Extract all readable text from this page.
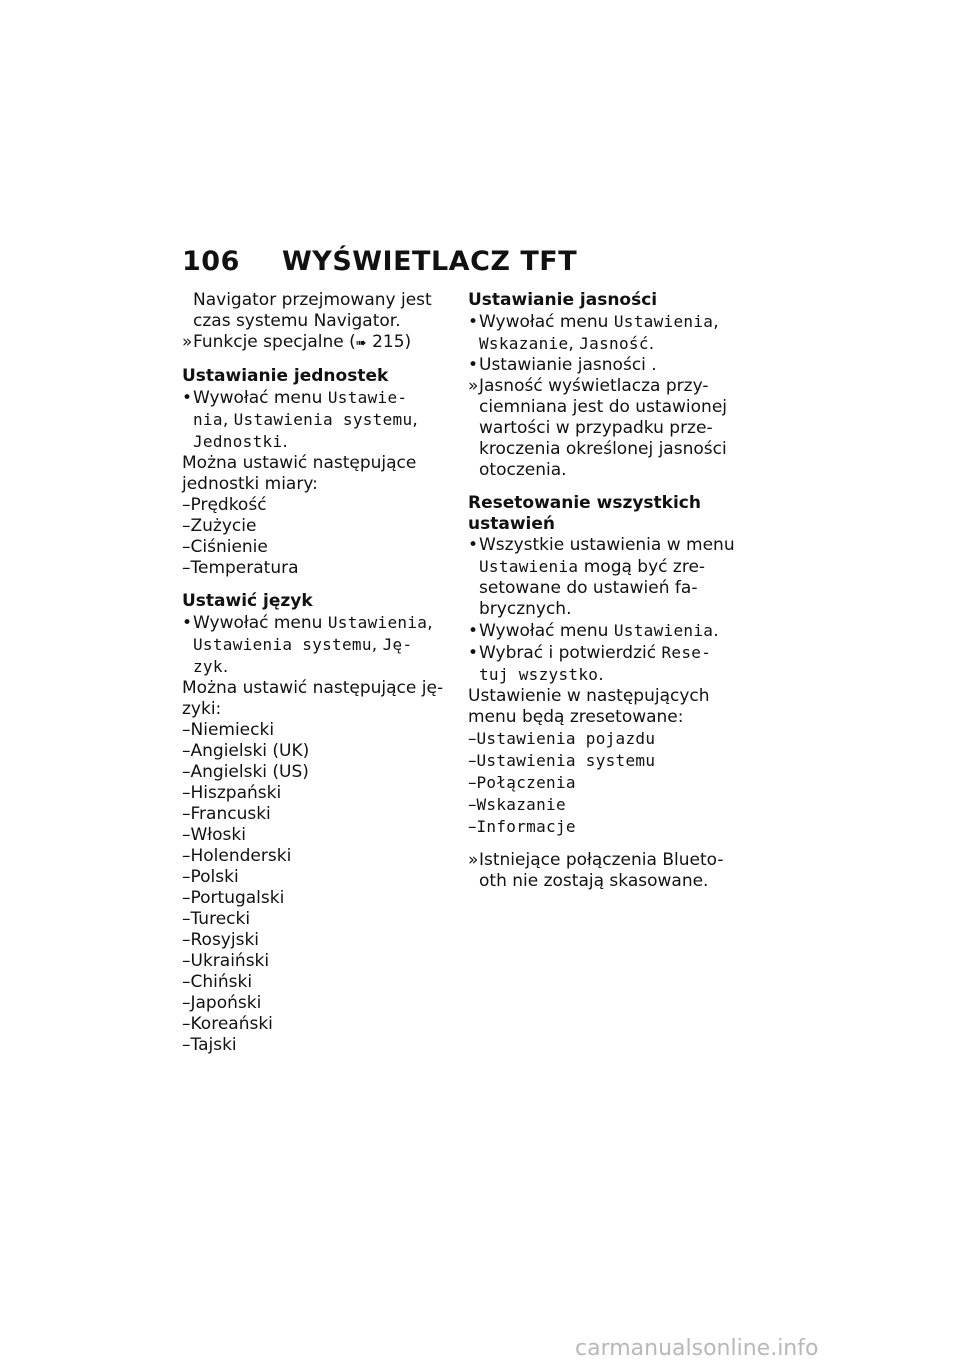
106 WYŚWIETLACZ TFT
Navigator przejmowany jest
czas systemu Navigator.
»Funkcje specjalne (➠ 215)
Ustawianie jednostek
•Wywołać menu Ustawie-
nia, Ustawienia systemu,
Jednostki.
Można ustawić następujące
jednostki miary:
–Prędkość
–Zużycie
–Ciśnienie
–Temperatura
Ustawić język
•Wywołać menu Ustawienia,
Ustawienia systemu, Ję-
zyk.
Można ustawić następujące ję-
zyki:
–Niemiecki
–Angielski (UK)
–Angielski (US)
–Hiszpański
–Francuski
–Włoski
–Holenderski
–Polski
–Portugalski
–Turecki
–Rosyjski
–Ukraiński
–Chiński
–Japoński
–Koreański
–Tajski
Ustawianie jasności
•Wywołać menu Ustawienia,
Wskazanie, Jasność.
•Ustawianie jasności .
»Jasność wyświetlacza przy-
ciemniana jest do ustawionej
wartości w przypadku prze-
kroczenia określonej jasności
otoczenia.
Resetowanie wszystkich
ustawień
•Wszystkie ustawienia w menu
Ustawienia mogą być zre-
setowane do ustawień fa-
brycznych.
•Wywołać menu Ustawienia.
•Wybrać i potwierdzić Rese-
tuj wszystko.
Ustawienie w następujących
menu będą zresetowane:
–Ustawienia pojazdu
–Ustawienia systemu
–Połączenia
–Wskazanie
–Informacje
»Istniejące połączenia Blueto-
oth nie zostają skasowane.
carmanualsonline.info
